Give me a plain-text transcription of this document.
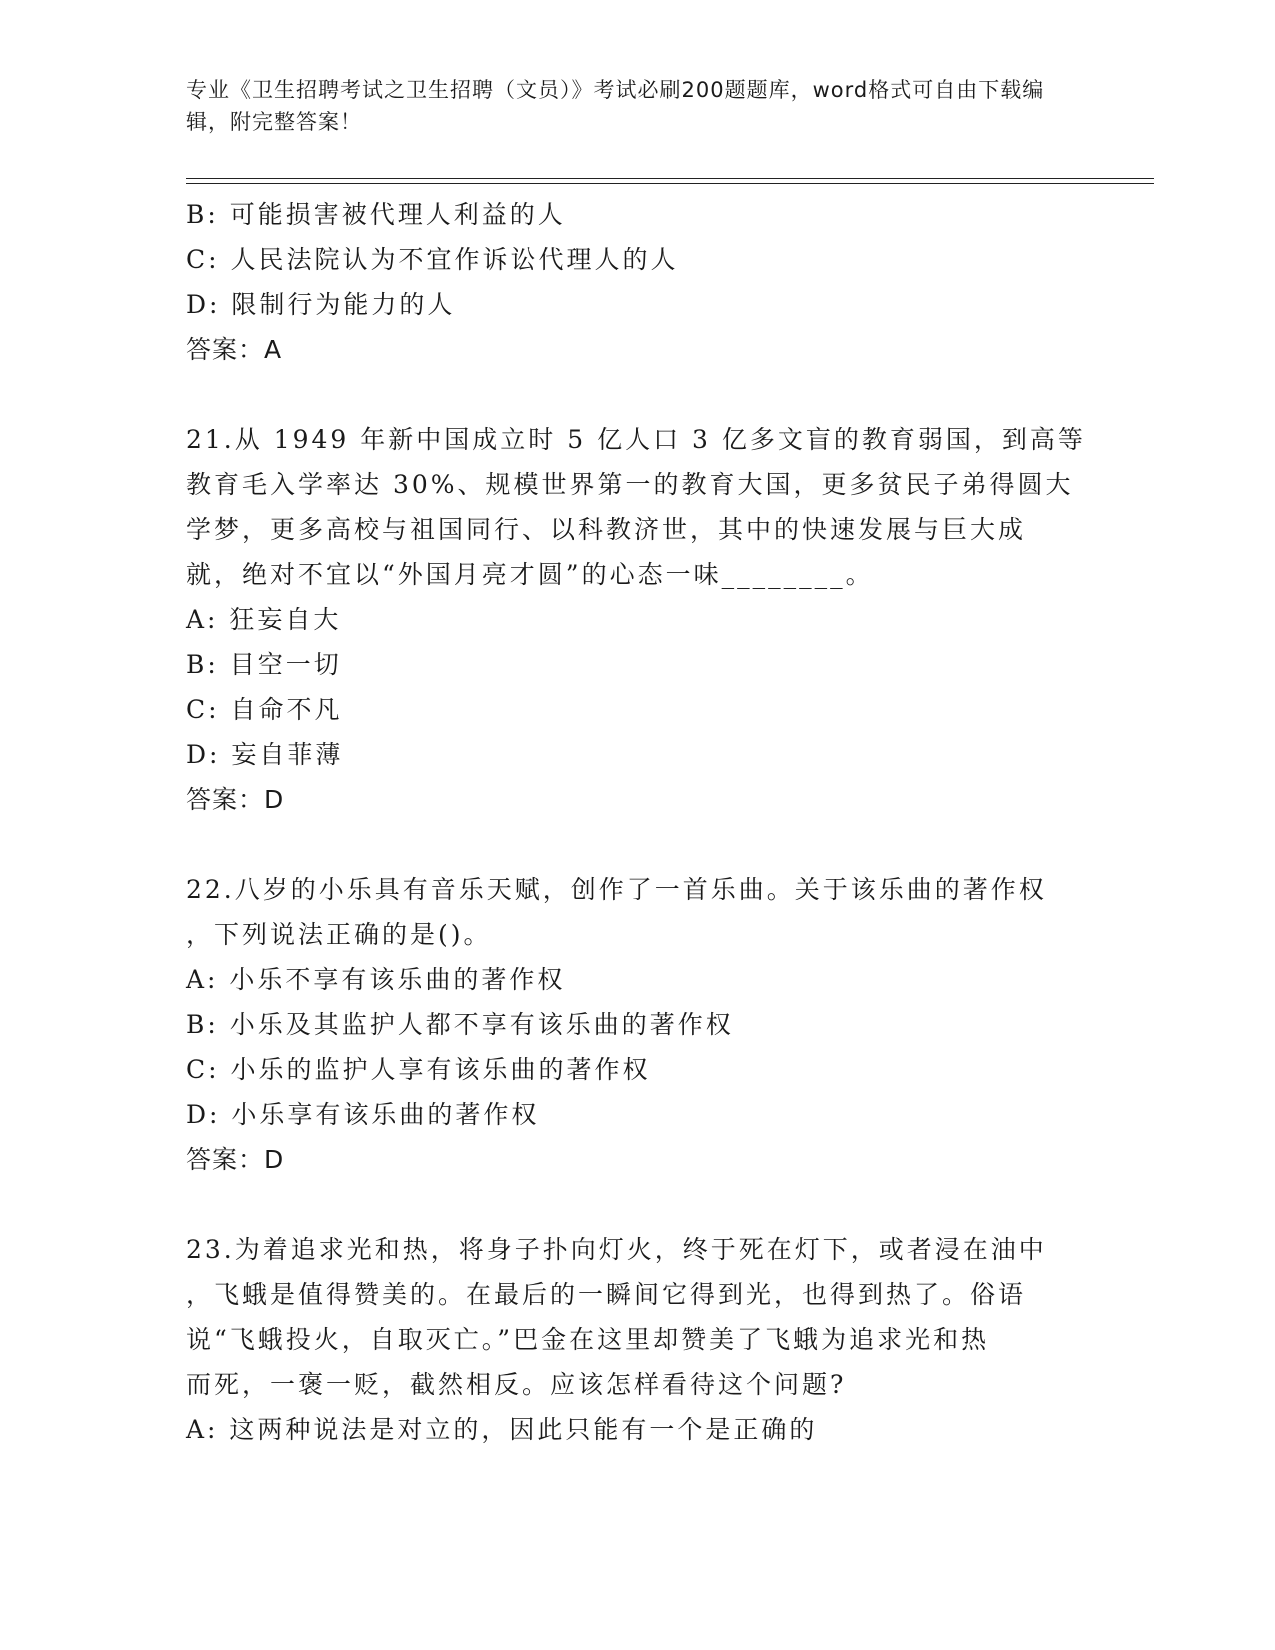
专业《卫生招聘考试之卫生招聘（文员）》考试必刷200题题库，word格式可自由下载编辑，附完整答案！
B: 可能损害被代理人利益的人
C: 人民法院认为不宜作诉讼代理人的人
D: 限制行为能力的人
答案：A
21.从 1949 年新中国成立时 5 亿人口 3 亿多文盲的教育弱国，到高等
教育毛入学率达 30%、规模世界第一的教育大国，更多贫民子弟得圆大
学梦，更多高校与祖国同行、以科教济世，其中的快速发展与巨大成
就，绝对不宜以“外国月亮才圆”的心态一味________。
A: 狂妄自大
B: 目空一切
C: 自命不凡
D: 妄自菲薄
答案：D
22.八岁的小乐具有音乐天赋，创作了一首乐曲。关于该乐曲的著作权
，下列说法正确的是()。
A: 小乐不享有该乐曲的著作权
B: 小乐及其监护人都不享有该乐曲的著作权
C: 小乐的监护人享有该乐曲的著作权
D: 小乐享有该乐曲的著作权
答案：D
23.为着追求光和热，将身子扑向灯火，终于死在灯下，或者浸在油中
，飞蛾是值得赞美的。在最后的一瞬间它得到光，也得到热了。俗语
说“飞蛾投火，自取灭亡。”巴金在这里却赞美了飞蛾为追求光和热
而死，一褒一贬，截然相反。应该怎样看待这个问题?
A: 这两种说法是对立的，因此只能有一个是正确的
